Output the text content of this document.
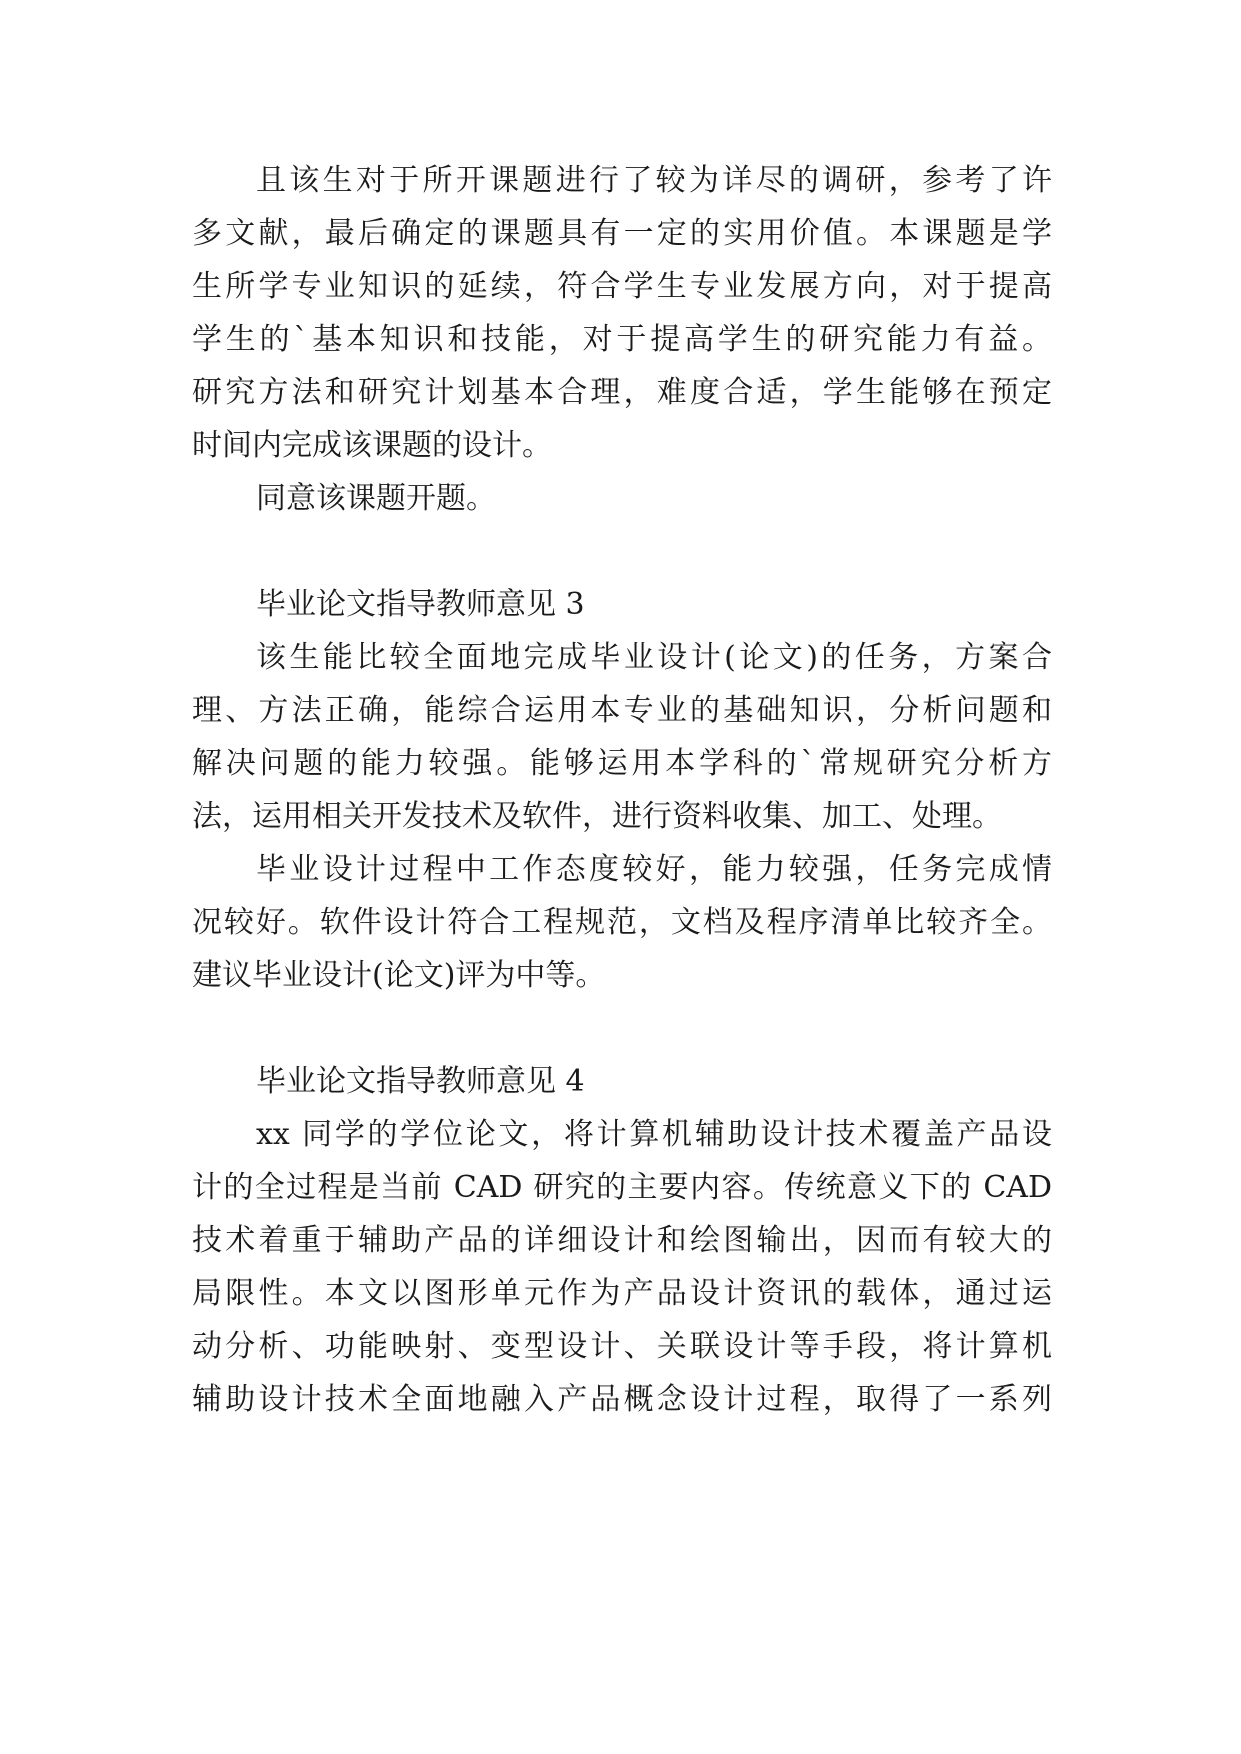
且该生对于所开课题进行了较为详尽的调研，参考了许
多文献，最后确定的课题具有一定的实用价值。本课题是学
生所学专业知识的延续，符合学生专业发展方向，对于提高
学生的`基本知识和技能，对于提高学生的研究能力有益。
研究方法和研究计划基本合理，难度合适，学生能够在预定
时间内完成该课题的设计。
同意该课题开题。
毕业论文指导教师意见 3
该生能比较全面地完成毕业设计(论文)的任务，方案合
理、方法正确，能综合运用本专业的基础知识，分析问题和
解决问题的能力较强。能够运用本学科的`常规研究分析方
法，运用相关开发技术及软件，进行资料收集、加工、处理。
毕业设计过程中工作态度较好，能力较强，任务完成情
况较好。软件设计符合工程规范，文档及程序清单比较齐全。
建议毕业设计(论文)评为中等。
毕业论文指导教师意见 4
xx 同学的学位论文，将计算机辅助设计技术覆盖产品设
计的全过程是当前 CAD 研究的主要内容。传统意义下的 CAD
技术着重于辅助产品的详细设计和绘图输出，因而有较大的
局限性。本文以图形单元作为产品设计资讯的载体，通过运
动分析、功能映射、变型设计、关联设计等手段，将计算机
辅助设计技术全面地融入产品概念设计过程，取得了一系列
